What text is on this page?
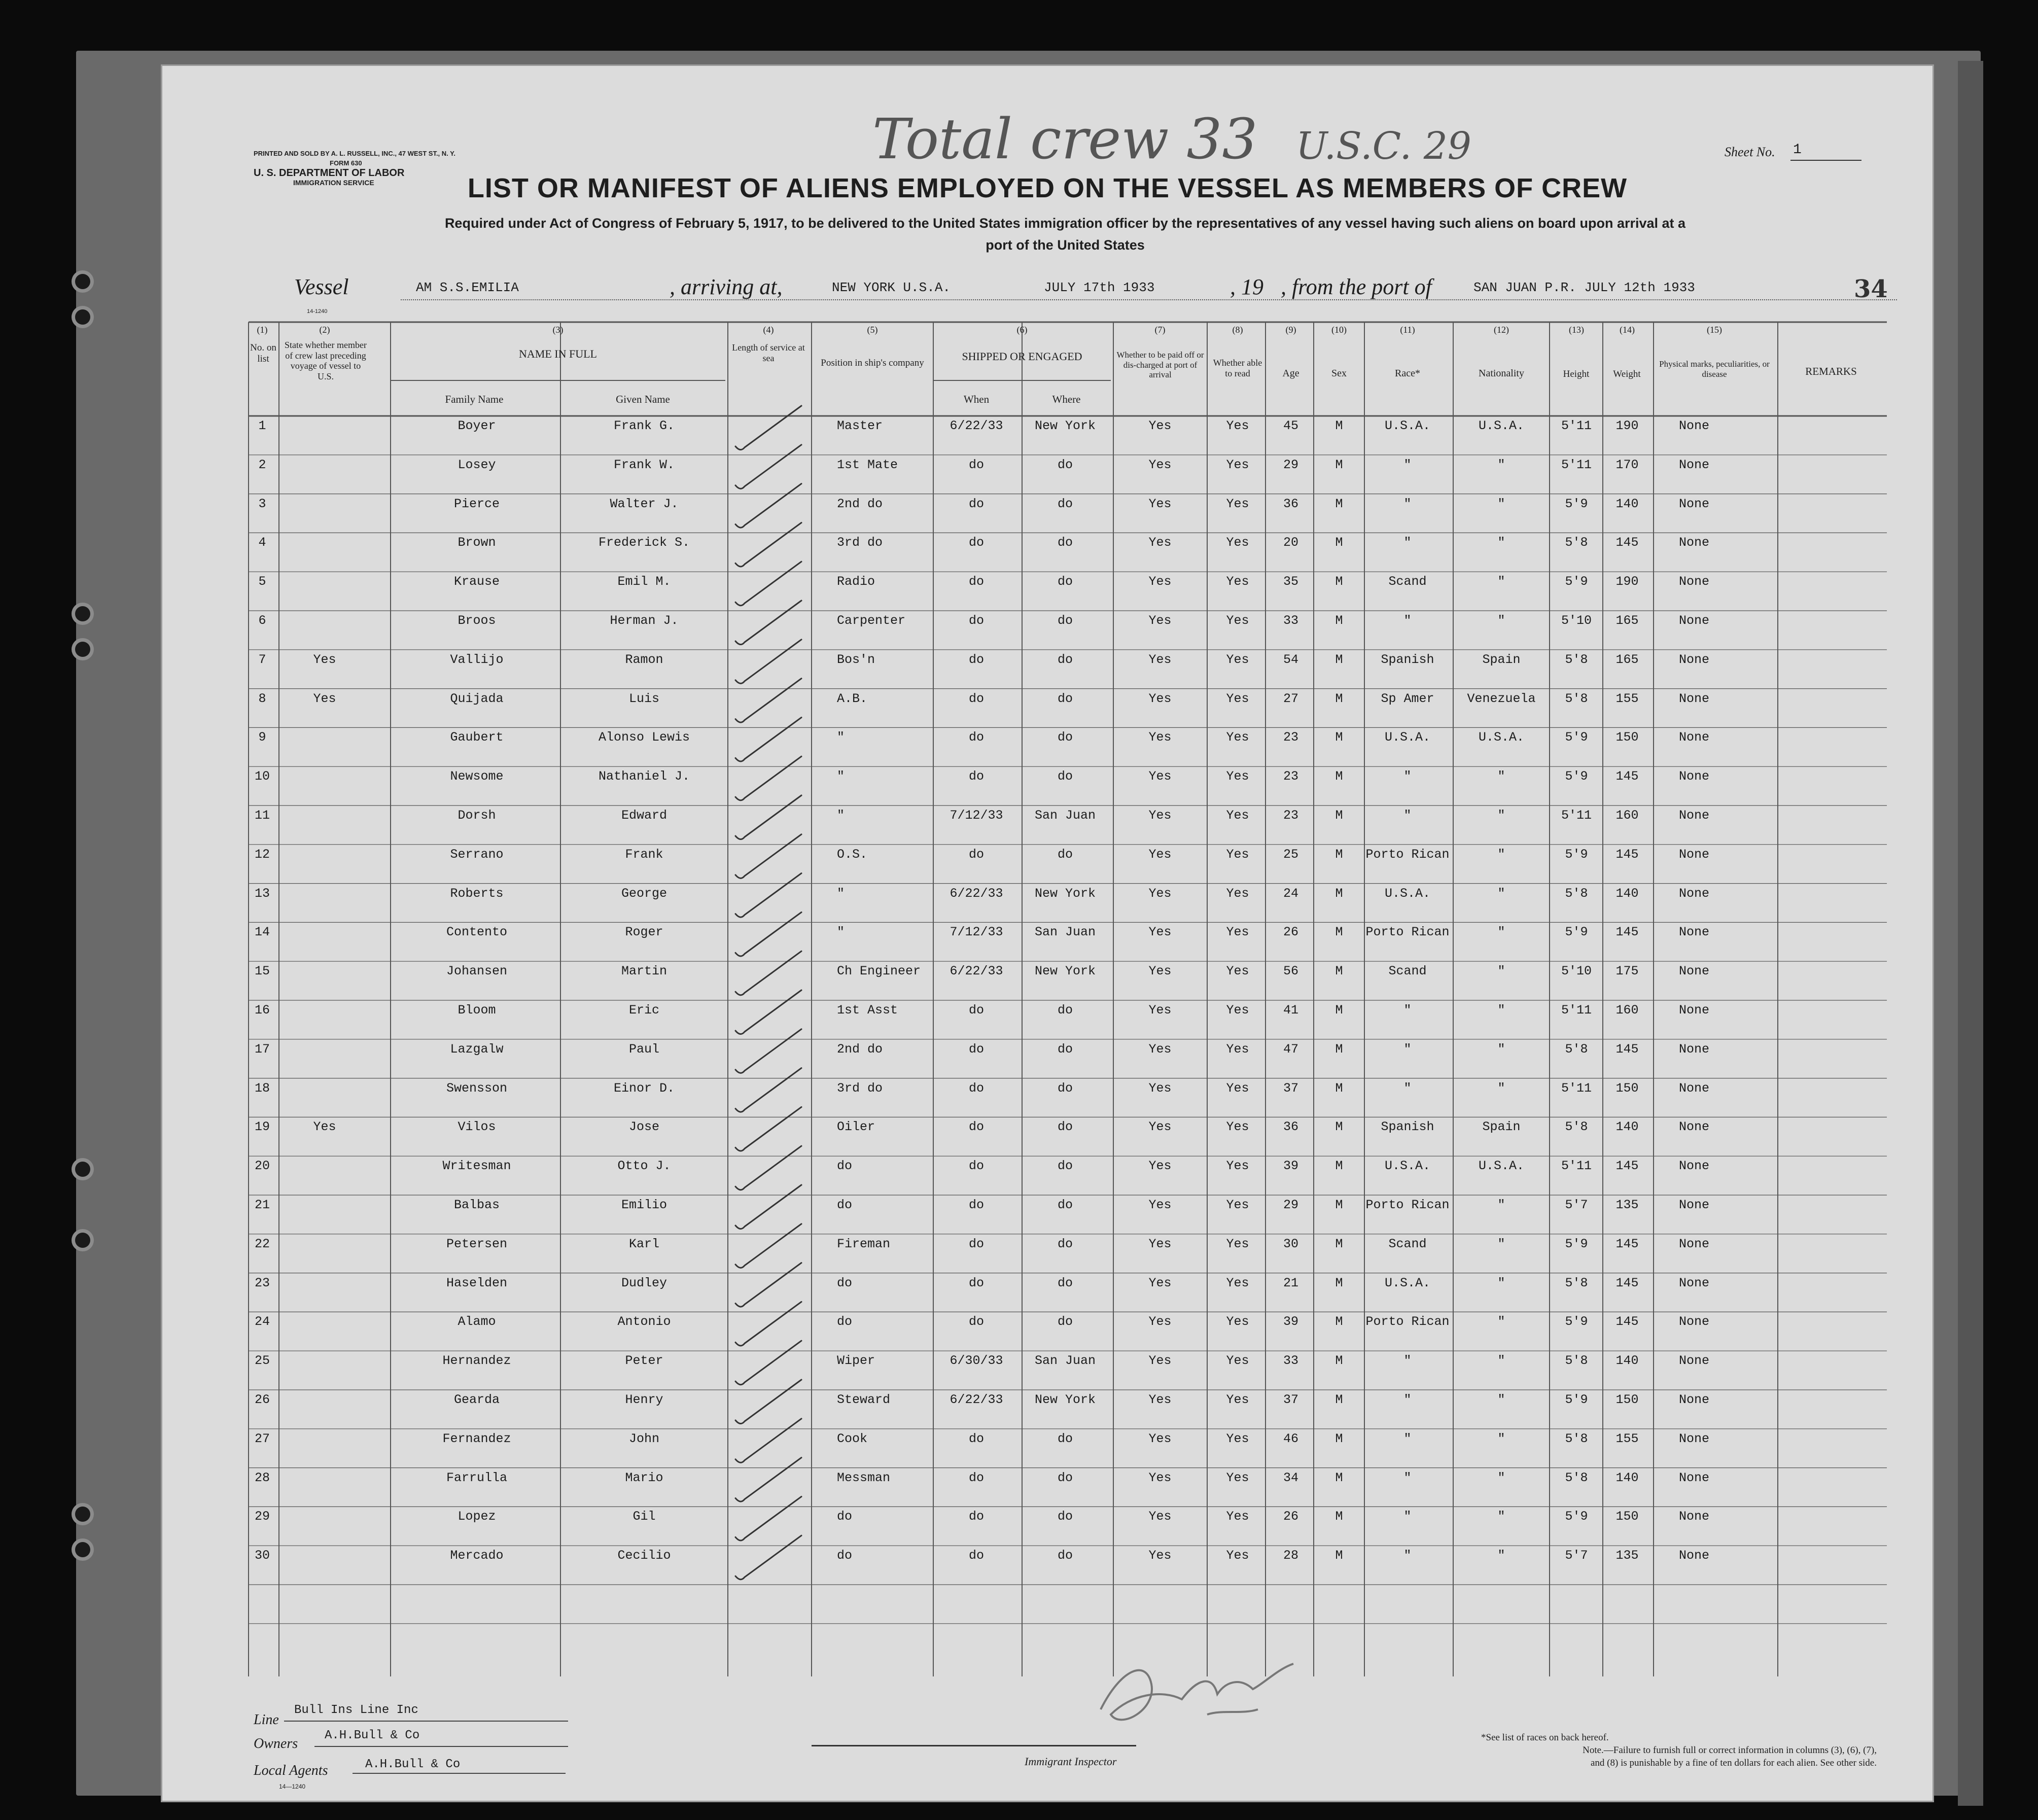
PRINTED AND SOLD BY A. L. RUSSELL, INC., 47 WEST ST., N. Y.
FORM 630
U. S. DEPARTMENT OF LABOR
IMMIGRATION SERVICE
Total crew 33 U.S.C. 29	Sheet No. 1
LIST OR MANIFEST OF ALIENS EMPLOYED ON THE VESSEL AS MEMBERS OF CREW
Required under Act of Congress of February 5, 1917, to be delivered to the United States immigration officer by the representatives of any vessel having such aliens on board upon arrival at a
port of the United States
Vessel	AM S.S.EMILIA	, arriving at,	NEW YORK U.S.A.	JULY 17th 1933	, 19 , from the port of	SAN JUAN P.R. JULY 12th 1933	34
14-1240
(1)	(2)	(3)	(4)	(5)	(6)	(7)	(8)	(9)	(10)	(11)	(12)	(13)	(14)	(15)
No. on list
State whether member of crew last preceding voyage of vessel to U.S.
NAME IN FULL
Family Name	Given Name
Length of service at sea	Position in ship's company
SHIPPED OR ENGAGED
When	Where
Whether to be paid off or dis-charged at port of arrival
Whether able to read	Age	Sex	Race*	Nationality	Height	Weight
Physical marks, peculiarities, or disease	REMARKS
1	Boyer	Frank G.	Master	6/22/33 New York	Yes	Yes	45	M	U.S.A.	U.S.A.	5'11 190	None
2	Losey	Frank W.	1st Mate	do	do	Yes	Yes	29	M	"	"	5'11 170	None
3	Pierce	Walter J.	2nd do	do	do	Yes	Yes	36	M	"	"	5'9 140	None
4	Brown	Frederick S.	3rd do	do	do	Yes	Yes	20	M	"	"	5'8 145	None
5	Krause	Emil M.	Radio	do	do	Yes	Yes	35	M	Scand	"	5'9 190	None
6	Broos	Herman J.	Carpenter	do	do	Yes	Yes	33	M	"	"	5'10 165	None
7	Yes	Vallijo	Ramon	Bos'n	do	do	Yes	Yes	54	M	Spanish	Spain	5'8 165	None
8	Yes	Quijada	Luis	A.B.	do	do	Yes	Yes	27	M	Sp Amer	Venezuela 5'8 155	None
9	Gaubert	Alonso Lewis	"	do	do	Yes	Yes	23	M	U.S.A.	U.S.A.	5'9 150	None
10	Newsome	Nathaniel J.	"	do	do	Yes	Yes	23	M	"	"	5'9 145	None
11	Dorsh	Edward	"	7/12/33 San Juan	Yes	Yes	23	M	"	"	5'11 160	None
12	Serrano	Frank	O.S.	do	do	Yes	Yes	25	M Porto Rican	"	5'9 145	None
13	Roberts	George	"	6/22/33 New York	Yes	Yes	24	M	U.S.A.	"	5'8 140	None
14	Contento	Roger	"	7/12/33 San Juan	Yes	Yes	26	M Porto Rican	"	5'9 145	None
15	Johansen	Martin	Ch Engineer 6/22/33 New York	Yes	Yes	56	M	Scand	"	5'10 175	None
16	Bloom	Eric	1st Asst	do	do	Yes	Yes	41	M	"	"	5'11 160	None
17	Lazgalw	Paul	2nd do	do	do	Yes	Yes	47	M	"	"	5'8 145	None
18	Swensson	Einor D.	3rd do	do	do	Yes	Yes	37	M	"	"	5'11 150	None
19	Yes	Vilos	Jose	Oiler	do	do	Yes	Yes	36	M	Spanish	Spain	5'8 140	None
20	Writesman	Otto J.	do	do	do	Yes	Yes	39	M	U.S.A.	U.S.A.	5'11 145	None
21	Balbas	Emilio	do	do	do	Yes	Yes	29	M Porto Rican	"	5'7 135	None
22	Petersen	Karl	Fireman	do	do	Yes	Yes	30	M	Scand	"	5'9 145	None
23	Haselden	Dudley	do	do	do	Yes	Yes	21	M	U.S.A.	"	5'8 145	None
24	Alamo	Antonio	do	do	do	Yes	Yes	39	M Porto Rican	"	5'9 145	None
25	Hernandez	Peter	Wiper	6/30/33 San Juan	Yes	Yes	33	M	"	"	5'8 140	None
26	Gearda	Henry	Steward	6/22/33 New York	Yes	Yes	37	M	"	"	5'9 150	None
27	Fernandez	John	Cook	do	do	Yes	Yes	46	M	"	"	5'8 155	None
28	Farrulla	Mario	Messman	do	do	Yes	Yes	34	M	"	"	5'8 140	None
29	Lopez	Gil	do	do	do	Yes	Yes	26	M	"	"	5'9 150	None
30	Mercado	Cecilio	do	do	do	Yes	Yes	28	M	"	"	5'7 135	None
Line
Bull Ins Line Inc
Owners
A.H.Bull & Co
Local Agents	A.H.Bull & Co
14—1240
Immigrant Inspector
*See list of races on back hereof.
Note.—Failure to furnish full or correct information in columns (3), (6), (7),
and (8) is punishable by a fine of ten dollars for each alien. See other side.
